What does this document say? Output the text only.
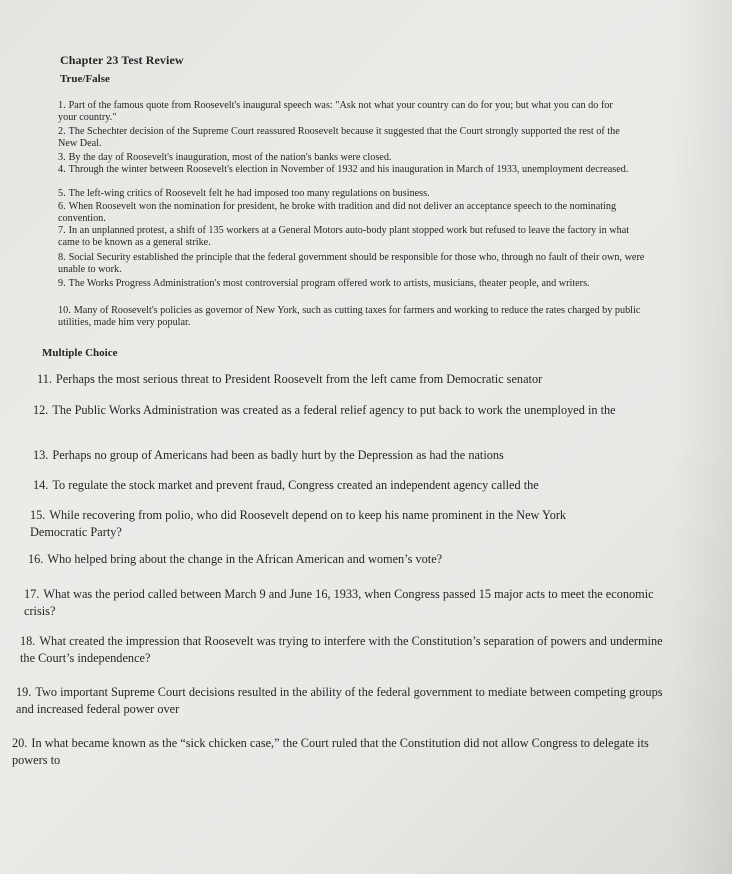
Chapter 23 Test Review
True/False
1. Part of the famous quote from Roosevelt's inaugural speech was: "Ask not what your country can do for you; but what you can do for your country."
2. The Schechter decision of the Supreme Court reassured Roosevelt because it suggested that the Court strongly supported the rest of the New Deal.
3. By the day of Roosevelt's inauguration, most of the nation's banks were closed.
4. Through the winter between Roosevelt's election in November of 1932 and his inauguration in March of 1933, unemployment decreased.
5. The left-wing critics of Roosevelt felt he had imposed too many regulations on business.
6. When Roosevelt won the nomination for president, he broke with tradition and did not deliver an acceptance speech to the nominating convention.
7. In an unplanned protest, a shift of 135 workers at a General Motors auto-body plant stopped work but refused to leave the factory in what came to be known as a general strike.
8. Social Security established the principle that the federal government should be responsible for those who, through no fault of their own, were unable to work.
9. The Works Progress Administration's most controversial program offered work to artists, musicians, theater people, and writers.
10. Many of Roosevelt's policies as governor of New York, such as cutting taxes for farmers and working to reduce the rates charged by public utilities, made him very popular.
Multiple Choice
11. Perhaps the most serious threat to President Roosevelt from the left came from Democratic senator
12. The Public Works Administration was created as a federal relief agency to put back to work the unemployed in the
13. Perhaps no group of Americans had been as badly hurt by the Depression as had the nations
14. To regulate the stock market and prevent fraud, Congress created an independent agency called the
15. While recovering from polio, who did Roosevelt depend on to keep his name prominent in the New York Democratic Party?
16. Who helped bring about the change in the African American and women’s vote?
17. What was the period called between March 9 and June 16, 1933, when Congress passed 15 major acts to meet the economic crisis?
18. What created the impression that Roosevelt was trying to interfere with the Constitution’s separation of powers and undermine the Court’s independence?
19. Two important Supreme Court decisions resulted in the ability of the federal government to mediate between competing groups and increased federal power over
20. In what became known as the “sick chicken case,” the Court ruled that the Constitution did not allow Congress to delegate its powers to
